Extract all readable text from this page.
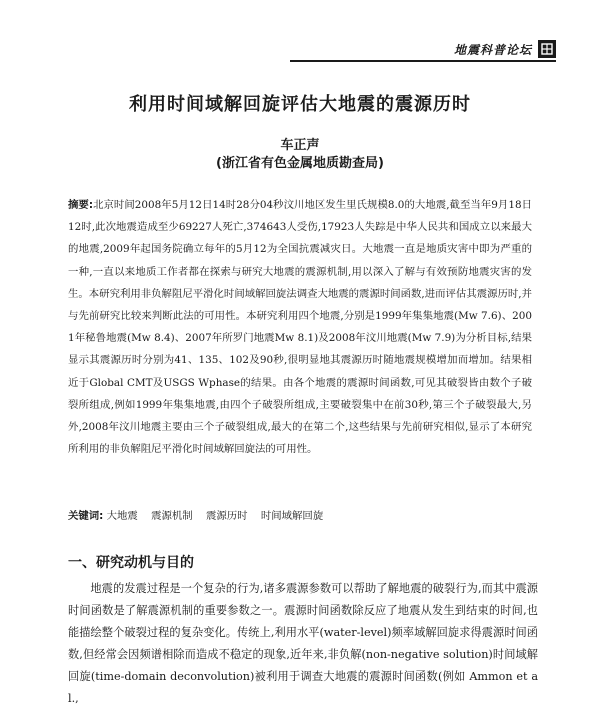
地震科普论坛
利用时间域解回旋评估大地震的震源历时
车正声
(浙江省有色金属地质勘查局)
摘要:北京时间2008年5月12日14时28分04秒汶川地区发生里氏规模8.0的大地震,截至当年9月18日12时,此次地震造成至少69227人死亡,374643人受伤,17923人失踪是中华人民共和国成立以来最大的地震,2009年起国务院确立每年的5月12为全国抗震减灾日。大地震一直是地质灾害中即为严重的一种,一直以来地质工作者都在探索与研究大地震的震源机制,用以深入了解与有效预防地震灾害的发生。本研究利用非负解阻尼平滑化时间域解回旋法调查大地震的震源时间函数,进而评估其震源历时,并与先前研究比较来判断此法的可用性。本研究利用四个地震,分别是1999年集集地震(Mw 7.6)、2001年秘鲁地震(Mw 8.4)、2007年所罗门地震Mw 8.1)及2008年汶川地震(Mw 7.9)为分析目标,结果显示其震源历时分别为41、135、102及90秒,很明显地其震源历时随地震规模增加而增加。结果相近于Global CMT及USGS Wphase的结果。由各个地震的震源时间函数,可见其破裂皆由数个子破裂所组成,例如1999年集集地震,由四个子破裂所组成,主要破裂集中在前30秒,第三个子破裂最大,另外,2008年汶川地震主要由三个子破裂组成,最大的在第二个,这些结果与先前研究相似,显示了本研究所利用的非负解阻尼平滑化时间域解回旋法的可用性。
关键词: 大地震 震源机制 震源历时 时间域解回旋
一、研究动机与目的

地震的发震过程是一个复杂的行为,诸多震源参数可以帮助了解地震的破裂行为,而其中震源时间函数是了解震源机制的重要参数之一。震源时间函数除反应了地震从发生到结束的时间,也能描绘整个破裂过程的复杂变化。传统上,利用水平(water-level)频率域解回旋求得震源时间函数,但经常会因频谱相除而造成不稳定的现象,近年来,非负解(non-negative solution)时间域解回旋(time-domain deconvolution)被利用于调查大地震的震源时间函数(例如 Ammon et al.,
